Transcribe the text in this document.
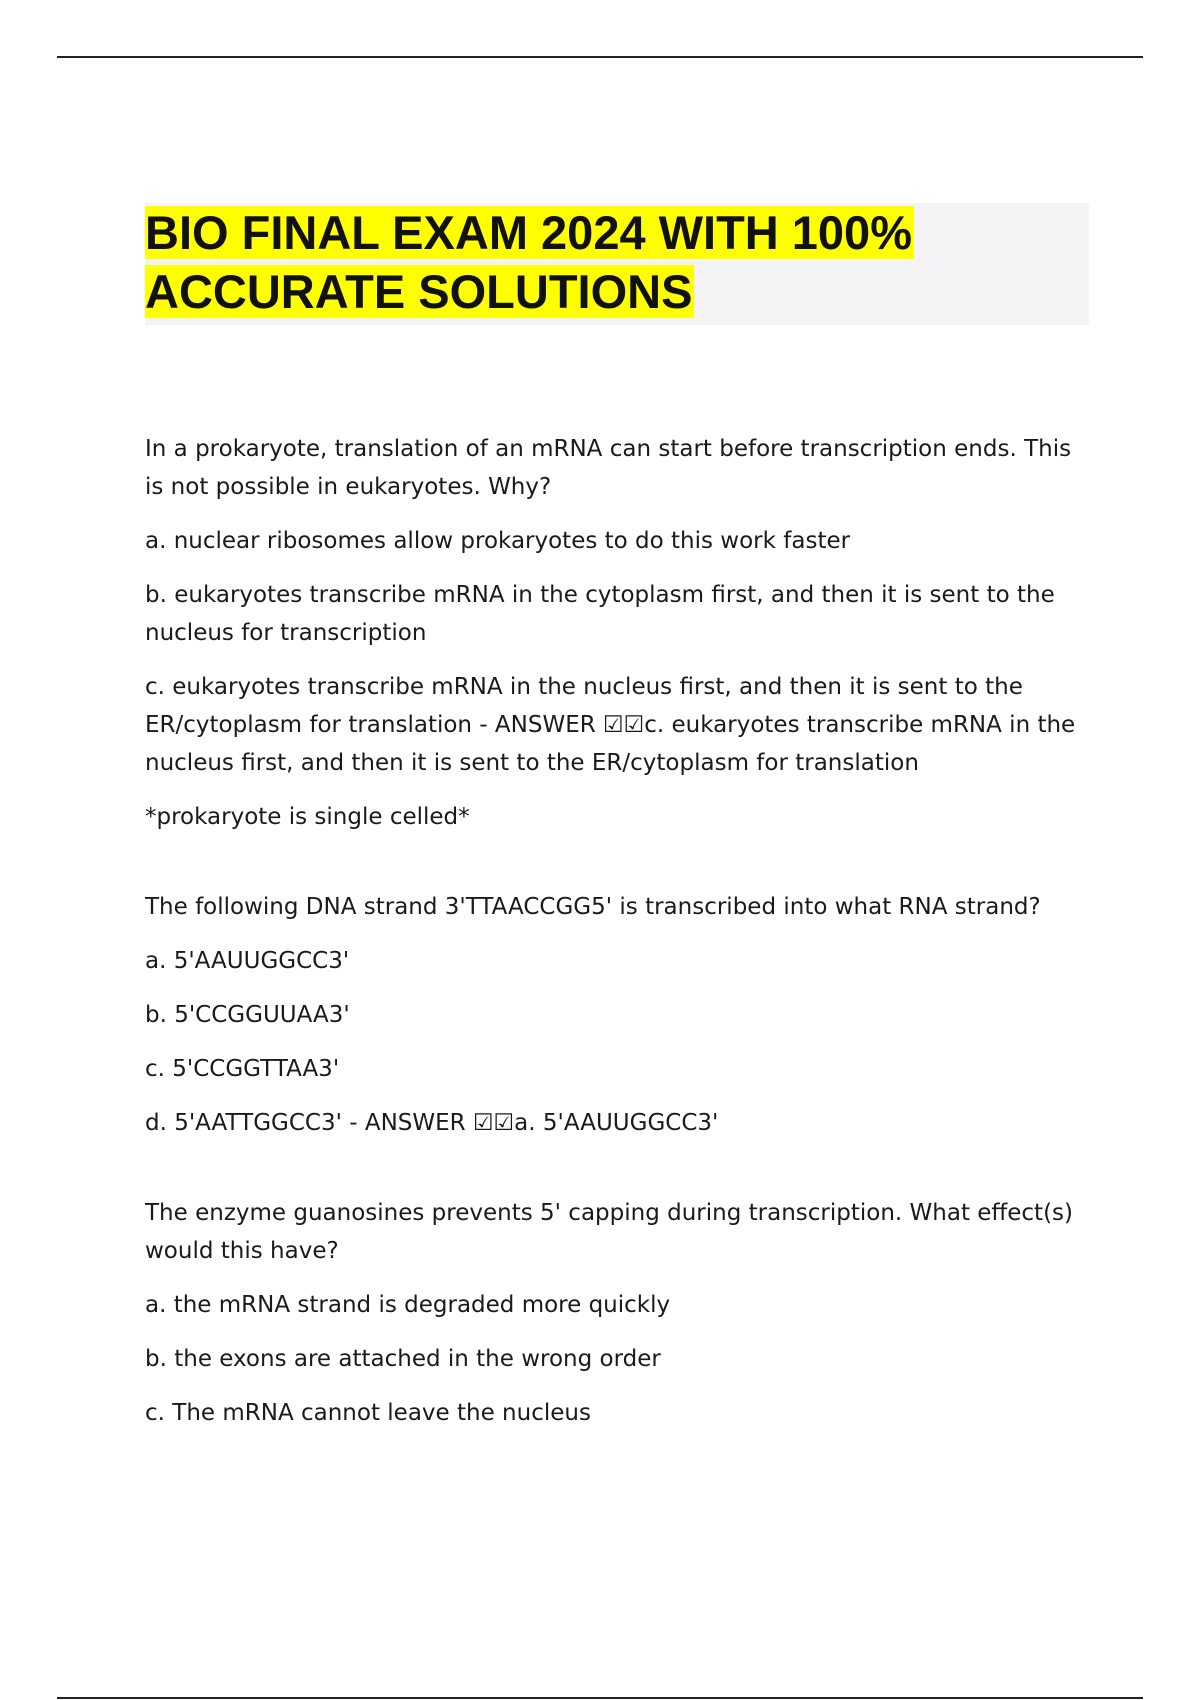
BIO FINAL EXAM 2024 WITH 100% ACCURATE SOLUTIONS

In a prokaryote, translation of an mRNA can start before transcription ends. This is not possible in eukaryotes. Why?

a. nuclear ribosomes allow prokaryotes to do this work faster

b. eukaryotes transcribe mRNA in the cytoplasm first, and then it is sent to the nucleus for transcription

c. eukaryotes transcribe mRNA in the nucleus first, and then it is sent to the ER/cytoplasm for translation - ANSWER ☑☑c. eukaryotes transcribe mRNA in the nucleus first, and then it is sent to the ER/cytoplasm for translation

*prokaryote is single celled*

The following DNA strand 3'TTAACCGG5' is transcribed into what RNA strand?

a. 5'AAUUGGCC3'

b. 5'CCGGUUAA3'

c. 5'CCGGTTAA3'

d. 5'AATTGGCC3' - ANSWER ☑☑a. 5'AAUUGGCC3'

The enzyme guanosines prevents 5' capping during transcription. What effect(s) would this have?

a. the mRNA strand is degraded more quickly

b. the exons are attached in the wrong order

c. The mRNA cannot leave the nucleus
